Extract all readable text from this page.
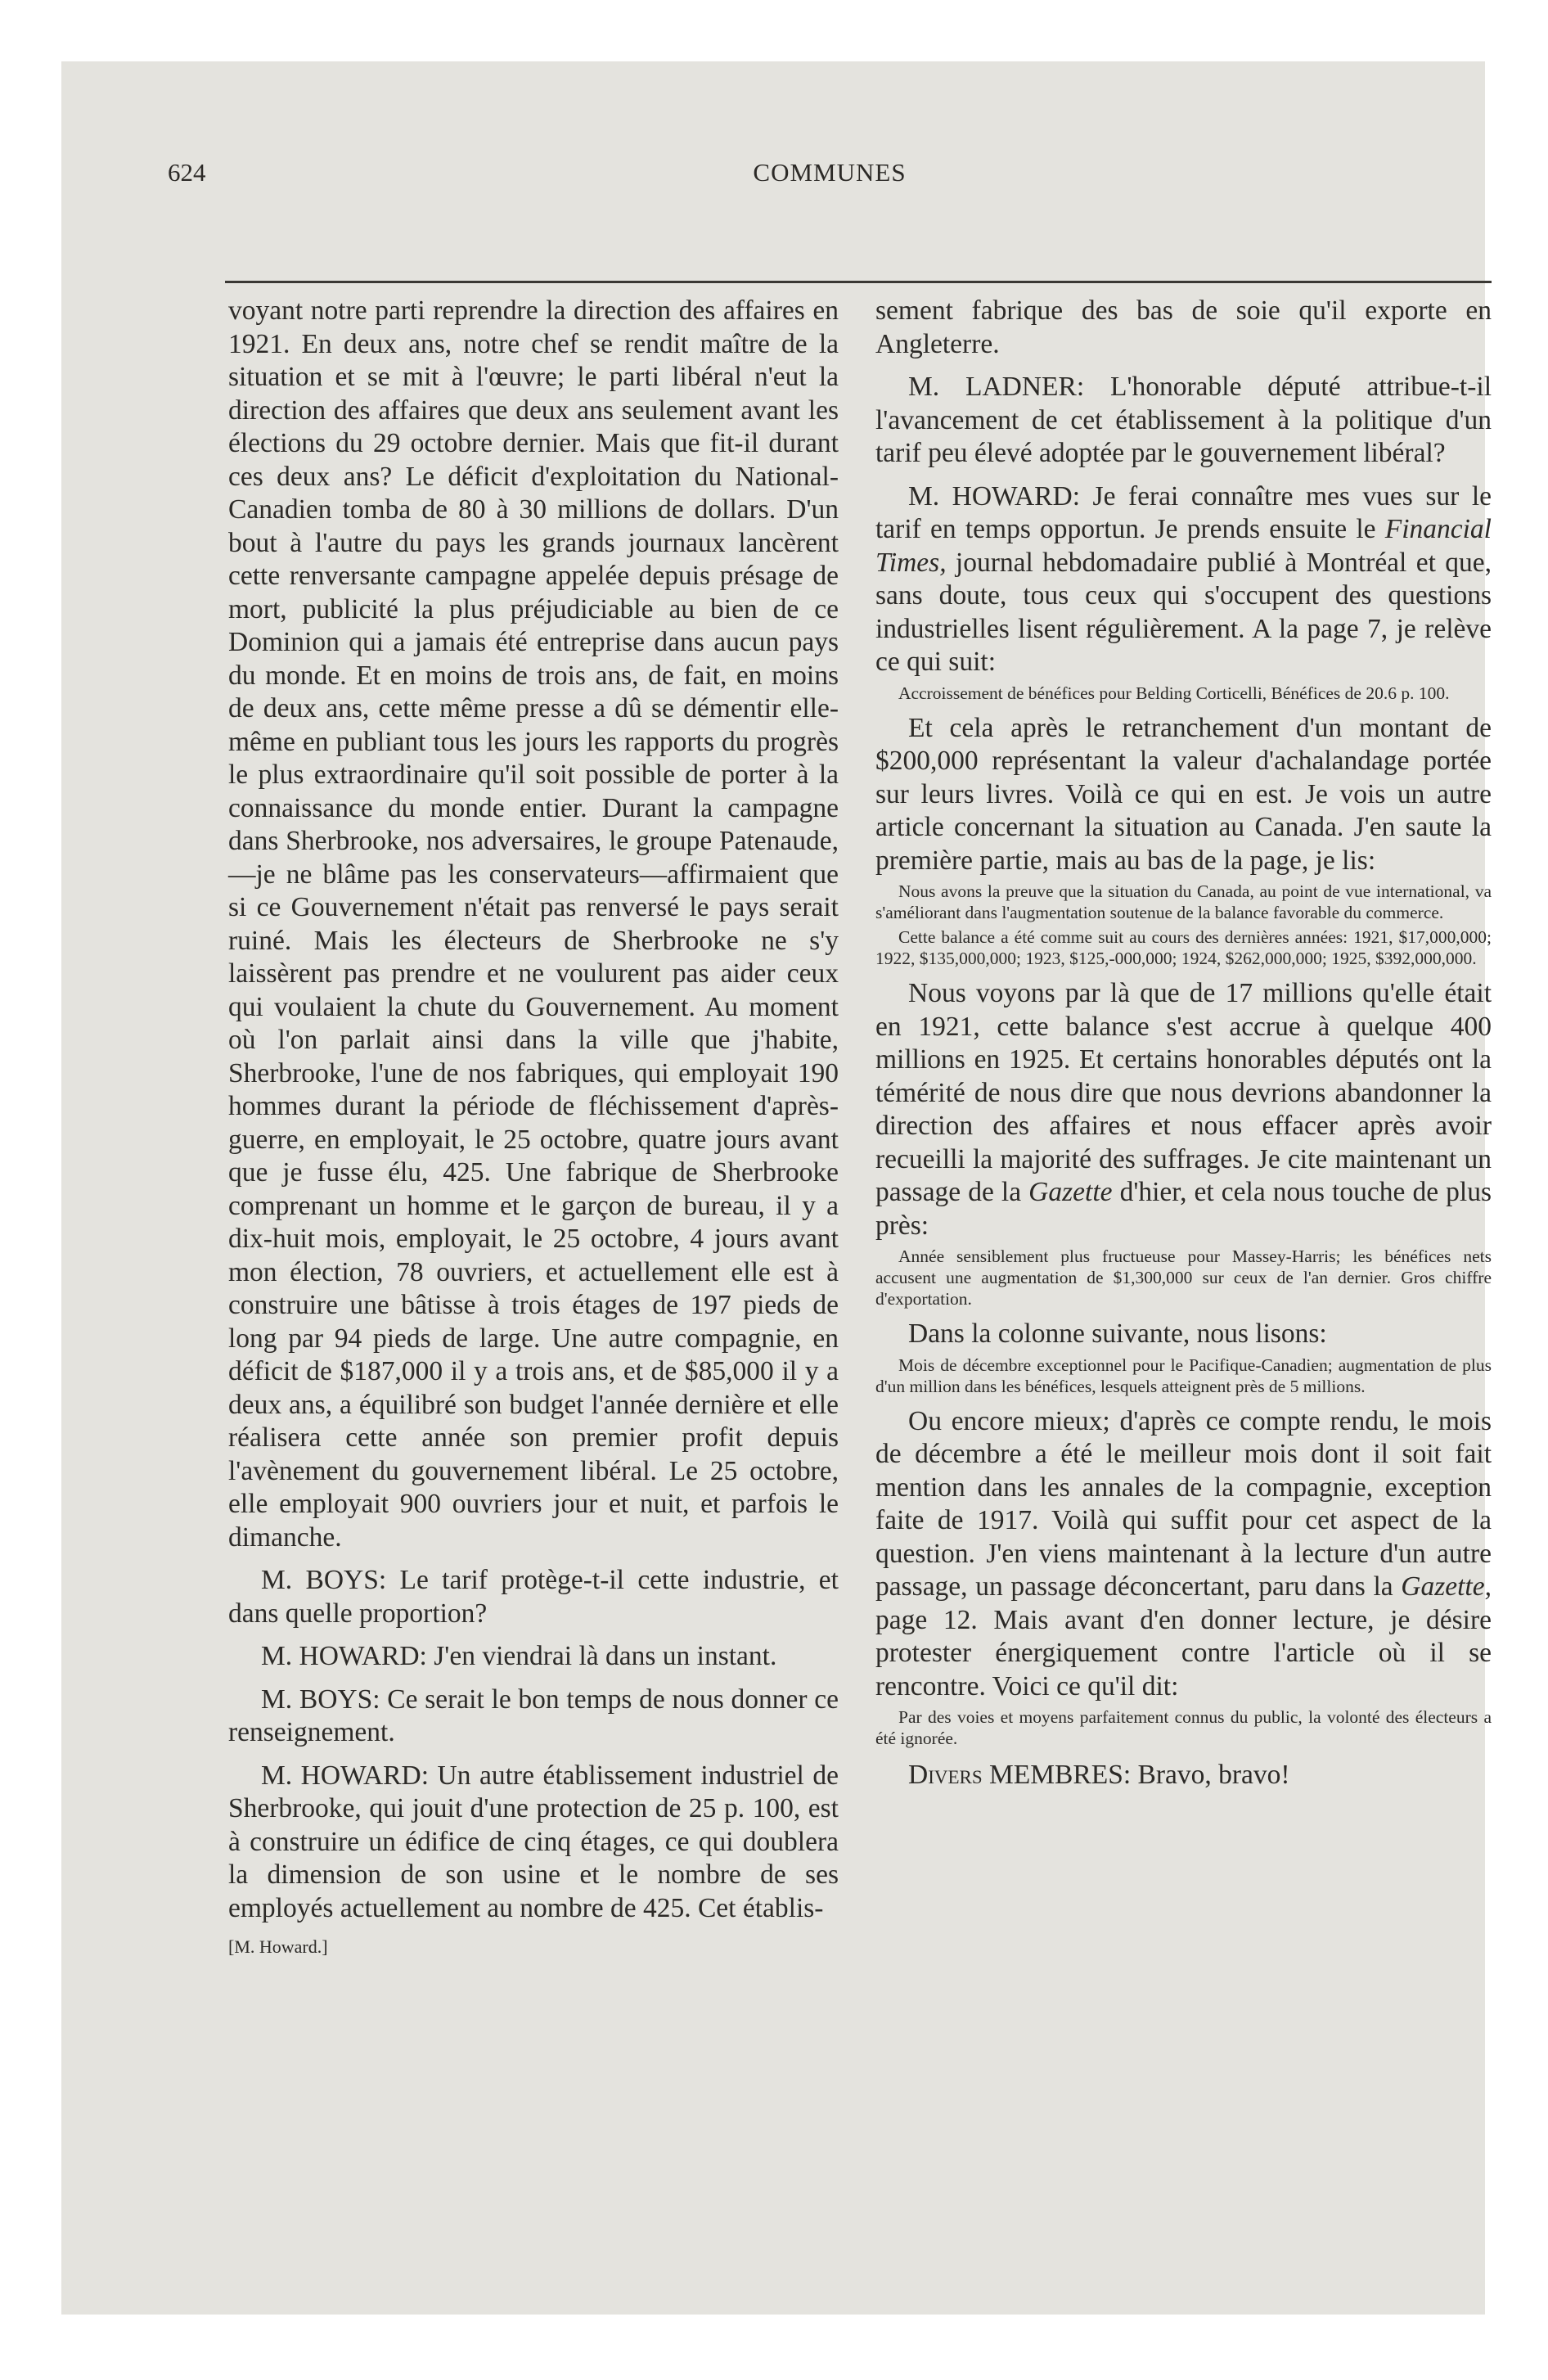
624	COMMUNES

voyant notre parti reprendre la direction des affaires en 1921. En deux ans, notre chef se rendit maître de la situation et se mit à l'œuvre; le parti libéral n'eut la direction des affaires que deux ans seulement avant les élections du 29 octobre dernier. Mais que fit-il durant ces deux ans? Le déficit d'exploitation du National-Canadien tomba de 80 à 30 millions de dollars. D'un bout à l'autre du pays les grands journaux lancèrent cette renversante campagne appelée depuis présage de mort, publicité la plus préjudiciable au bien de ce Dominion qui a jamais été entreprise dans aucun pays du monde. Et en moins de trois ans, de fait, en moins de deux ans, cette même presse a dû se démentir elle-même en publiant tous les jours les rapports du progrès le plus extraordinaire qu'il soit possible de porter à la connaissance du monde entier. Durant la campagne dans Sherbrooke, nos adversaires, le groupe Patenaude,—je ne blâme pas les conservateurs—affirmaient que si ce Gouvernement n'était pas renversé le pays serait ruiné. Mais les électeurs de Sherbrooke ne s'y laissèrent pas prendre et ne voulurent pas aider ceux qui voulaient la chute du Gouvernement. Au moment où l'on parlait ainsi dans la ville que j'habite, Sherbrooke, l'une de nos fabriques, qui employait 190 hommes durant la période de fléchissement d'après-guerre, en employait, le 25 octobre, quatre jours avant que je fusse élu, 425. Une fabrique de Sherbrooke comprenant un homme et le garçon de bureau, il y a dix-huit mois, employait, le 25 octobre, 4 jours avant mon élection, 78 ouvriers, et actuellement elle est à construire une bâtisse à trois étages de 197 pieds de long par 94 pieds de large. Une autre compagnie, en déficit de $187,000 il y a trois ans, et de $85,000 il y a deux ans, a équilibré son budget l'année dernière et elle réalisera cette année son premier profit depuis l'avènement du gouvernement libéral. Le 25 octobre, elle employait 900 ouvriers jour et nuit, et parfois le dimanche.

M. BOYS: Le tarif protège-t-il cette industrie, et dans quelle proportion?

M. HOWARD: J'en viendrai là dans un instant.

M. BOYS: Ce serait le bon temps de nous donner ce renseignement.

M. HOWARD: Un autre établissement industriel de Sherbrooke, qui jouit d'une protection de 25 p. 100, est à construire un édifice de cinq étages, ce qui doublera la dimension de son usine et le nombre de ses employés actuellement au nombre de 425. Cet établis-

[M. Howard.]

sement fabrique des bas de soie qu'il exporte en Angleterre.

M. LADNER: L'honorable député attribue-t-il l'avancement de cet établissement à la politique d'un tarif peu élevé adoptée par le gouvernement libéral?

M. HOWARD: Je ferai connaître mes vues sur le tarif en temps opportun. Je prends ensuite le Financial Times, journal hebdomadaire publié à Montréal et que, sans doute, tous ceux qui s'occupent des questions industrielles lisent régulièrement. A la page 7, je relève ce qui suit:

Accroissement de bénéfices pour Belding Corticelli, Bénéfices de 20.6 p. 100.

Et cela après le retranchement d'un montant de $200,000 représentant la valeur d'achalandage portée sur leurs livres. Voilà ce qui en est. Je vois un autre article concernant la situation au Canada. J'en saute la première partie, mais au bas de la page, je lis:

Nous avons la preuve que la situation du Canada, au point de vue international, va s'améliorant dans l'augmentation soutenue de la balance favorable du commerce.

Cette balance a été comme suit au cours des dernières années: 1921, $17,000,000; 1922, $135,000,000; 1923, $125,-000,000; 1924, $262,000,000; 1925, $392,000,000.

Nous voyons par là que de 17 millions qu'elle était en 1921, cette balance s'est accrue à quelque 400 millions en 1925. Et certains honorables députés ont la témérité de nous dire que nous devrions abandonner la direction des affaires et nous effacer après avoir recueilli la majorité des suffrages. Je cite maintenant un passage de la Gazette d'hier, et cela nous touche de plus près:

Année sensiblement plus fructueuse pour Massey-Harris; les bénéfices nets accusent une augmentation de $1,300,000 sur ceux de l'an dernier. Gros chiffre d'exportation.

Dans la colonne suivante, nous lisons:

Mois de décembre exceptionnel pour le Pacifique-Canadien; augmentation de plus d'un million dans les bénéfices, lesquels atteignent près de 5 millions.

Ou encore mieux; d'après ce compte rendu, le mois de décembre a été le meilleur mois dont il soit fait mention dans les annales de la compagnie, exception faite de 1917. Voilà qui suffit pour cet aspect de la question. J'en viens maintenant à la lecture d'un autre passage, un passage déconcertant, paru dans la Gazette, page 12. Mais avant d'en donner lecture, je désire protester énergiquement contre l'article où il se rencontre. Voici ce qu'il dit:

Par des voies et moyens parfaitement connus du public, la volonté des électeurs a été ignorée.

Divers MEMBRES: Bravo, bravo!
